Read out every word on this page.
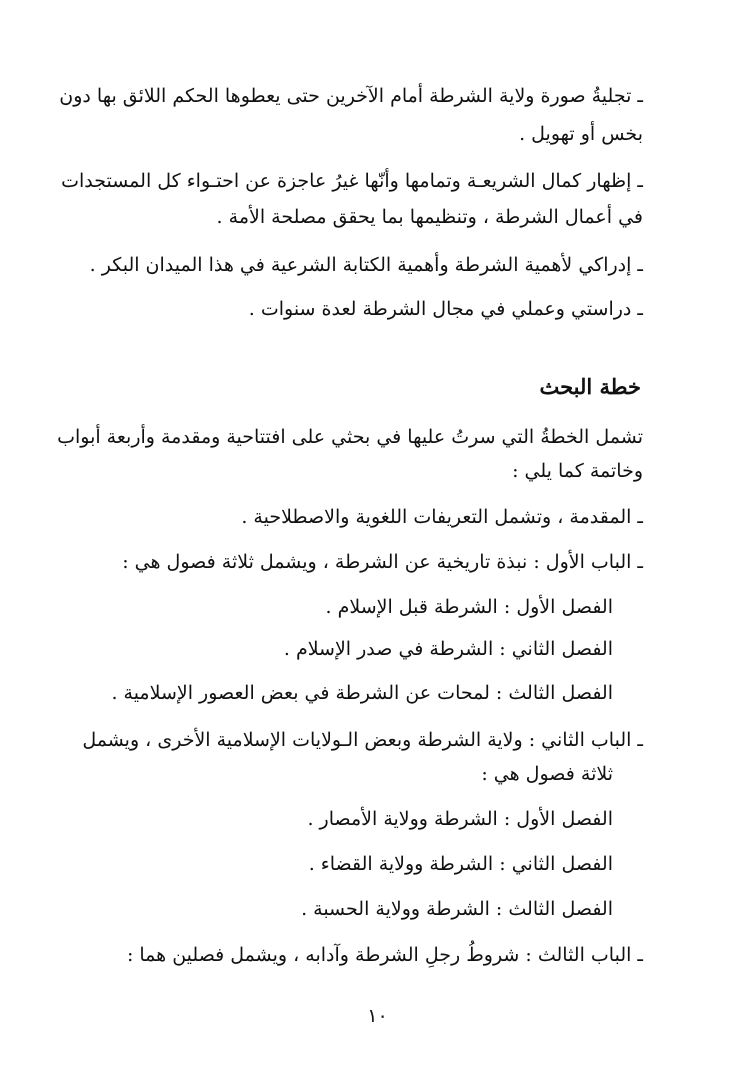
ـ تجليةُ صورة ولاية الشرطة أمام الآخرين حتى يعطوها الحكم اللائق بها دون
بخس أو تهويل .
ـ إظهار كمال الشريعـة وتمامها وأنّها غيرُ عاجزة عن احتـواء كل المستجدات
في أعمال الشرطة ، وتنظيمها بما يحقق مصلحة الأمة .
ـ إدراكي لأهمية الشرطة وأهمية الكتابة الشرعية في هذا الميدان البكر .
ـ دراستي وعملي في مجال الشرطة لعدة سنوات .
خطة البحث
تشمل الخطةُ التي سرتُ عليها في بحثي على افتتاحية ومقدمة وأربعة أبواب
وخاتمة كما يلي :
ـ المقدمة ، وتشمل التعريفات اللغوية والاصطلاحية .
ـ الباب الأول : نبذة تاريخية عن الشرطة ، ويشمل ثلاثة فصول هي :
الفصل الأول : الشرطة قبل الإسلام .
الفصل الثاني : الشرطة في صدر الإسلام .
الفصل الثالث : لمحات عن الشرطة في بعض العصور الإسلامية .
ـ الباب الثاني : ولاية الشرطة وبعض الـولايات الإسلامية الأخرى ، ويشمل
ثلاثة فصول هي :
الفصل الأول : الشرطة وولاية الأمصار .
الفصل الثاني : الشرطة وولاية القضاء .
الفصل الثالث : الشرطة وولاية الحسبة .
ـ الباب الثالث : شروطُ رجلِ الشرطة وآدابه ، ويشمل فصلين هما :
١٠
